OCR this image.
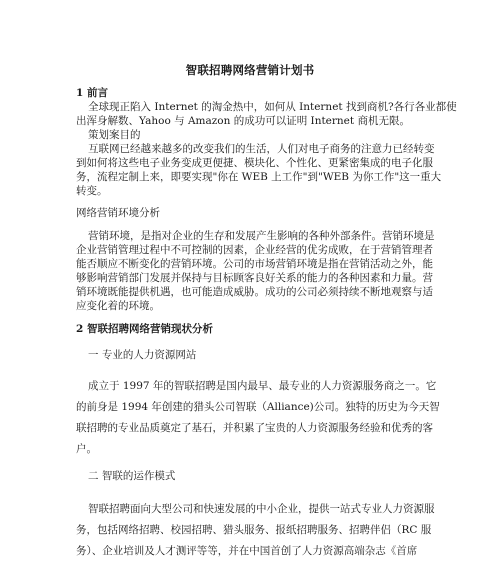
智联招聘网络营销计划书
1 前言
全球现正陷入 Internet 的淘金热中，如何从 Internet 找到商机?各行各业都使
出浑身解数、Yahoo 与 Amazon 的成功可以证明 Internet 商机无限。
策划案目的
互联网已经越来越多的改变我们的生活，人们对电子商务的注意力已经转变
到如何将这些电子业务变成更便捷、模块化、个性化、更紧密集成的电子化服
务，流程定制上来，即要实现"你在 WEB 上工作"到"WEB 为你工作"这一重大
转变。
网络营销环境分析
营销环境，是指对企业的生存和发展产生影响的各种外部条件。营销环境是
企业营销管理过程中不可控制的因素，企业经营的优劣成败，在于营销管理者
能否顺应不断变化的营销环境。公司的市场营销环境是指在营销活动之外，能
够影响营销部门发展并保持与目标顾客良好关系的能力的各种因素和力量。营
销环境既能提供机遇，也可能造成威胁。成功的公司必须持续不断地观察与适
应变化着的环境。
2 智联招聘网络营销现状分析
一 专业的人力资源网站
成立于 1997 年的智联招聘是国内最早、最专业的人力资源服务商之一。它
的前身是 1994 年创建的猎头公司智联（Alliance)公司。独特的历史为今天智
联招聘的专业品质奠定了基石，并积累了宝贵的人力资源服务经验和优秀的客
户。
二 智联的运作模式
智联招聘面向大型公司和快速发展的中小企业，提供一站式专业人力资源服
务，包括网络招聘、校园招聘、猎头服务、报纸招聘服务、招聘伴侣（RC 服
务）、企业培训及人才测评等等，并在中国首创了人力资源高端杂志《首席
